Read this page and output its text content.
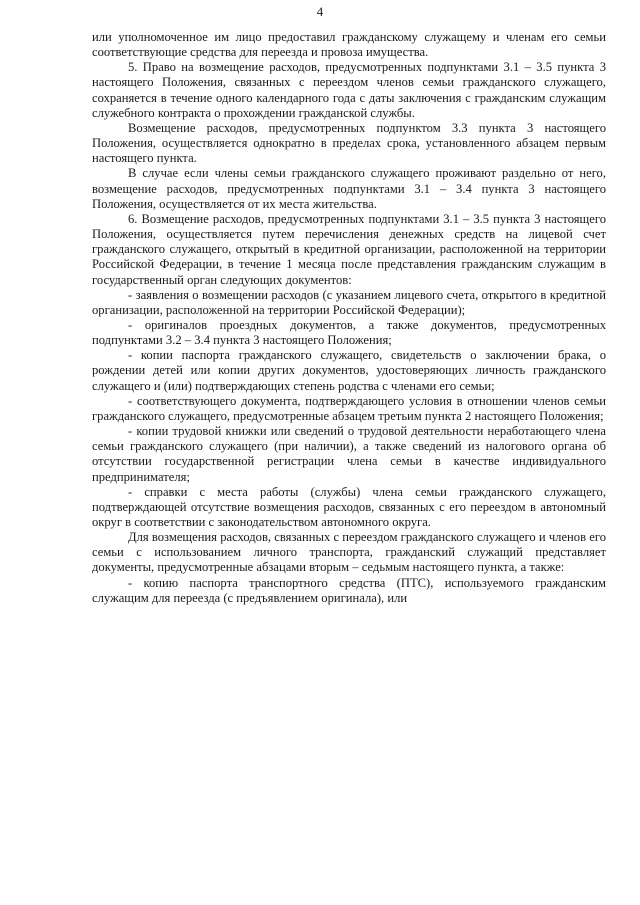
4

или уполномоченное им лицо предоставил гражданскому служащему и членам его семьи соответствующие средства для переезда и провоза имущества.

5. Право на возмещение расходов, предусмотренных подпунктами 3.1 – 3.5 пункта 3 настоящего Положения, связанных с переездом членов семьи гражданского служащего, сохраняется в течение одного календарного года с даты заключения с гражданским служащим служебного контракта о прохождении гражданской службы.

Возмещение расходов, предусмотренных подпунктом 3.3 пункта 3 настоящего Положения, осуществляется однократно в пределах срока, установленного абзацем первым настоящего пункта.

В случае если члены семьи гражданского служащего проживают раздельно от него, возмещение расходов, предусмотренных подпунктами 3.1 – 3.4 пункта 3 настоящего Положения, осуществляется от их места жительства.

6. Возмещение расходов, предусмотренных подпунктами 3.1 – 3.5 пункта 3 настоящего Положения, осуществляется путем перечисления денежных средств на лицевой счет гражданского служащего, открытый в кредитной организации, расположенной на территории Российской Федерации, в течение 1 месяца после представления гражданским служащим в государственный орган следующих документов:

- заявления о возмещении расходов (с указанием лицевого счета, открытого в кредитной организации, расположенной на территории Российской Федерации);

- оригиналов проездных документов, а также документов, предусмотренных подпунктами 3.2 – 3.4 пункта 3 настоящего Положения;

- копии паспорта гражданского служащего, свидетельств о заключении брака, о рождении детей или копии других документов, удостоверяющих личность гражданского служащего и (или) подтверждающих степень родства с членами его семьи;

- соответствующего документа, подтверждающего условия в отношении членов семьи гражданского служащего, предусмотренные абзацем третьим пункта 2 настоящего Положения;

- копии трудовой книжки или сведений о трудовой деятельности неработающего члена семьи гражданского служащего (при наличии), а также сведений из налогового органа об отсутствии государственной регистрации члена семьи в качестве индивидуального предпринимателя;

- справки с места работы (службы) члена семьи гражданского служащего, подтверждающей отсутствие возмещения расходов, связанных с его переездом в автономный округ в соответствии с законодательством автономного округа.

Для возмещения расходов, связанных с переездом гражданского служащего и членов его семьи с использованием личного транспорта, гражданский служащий представляет документы, предусмотренные абзацами вторым – седьмым настоящего пункта, а также:

- копию паспорта транспортного средства (ПТС), используемого гражданским служащим для переезда (с предъявлением оригинала), или
